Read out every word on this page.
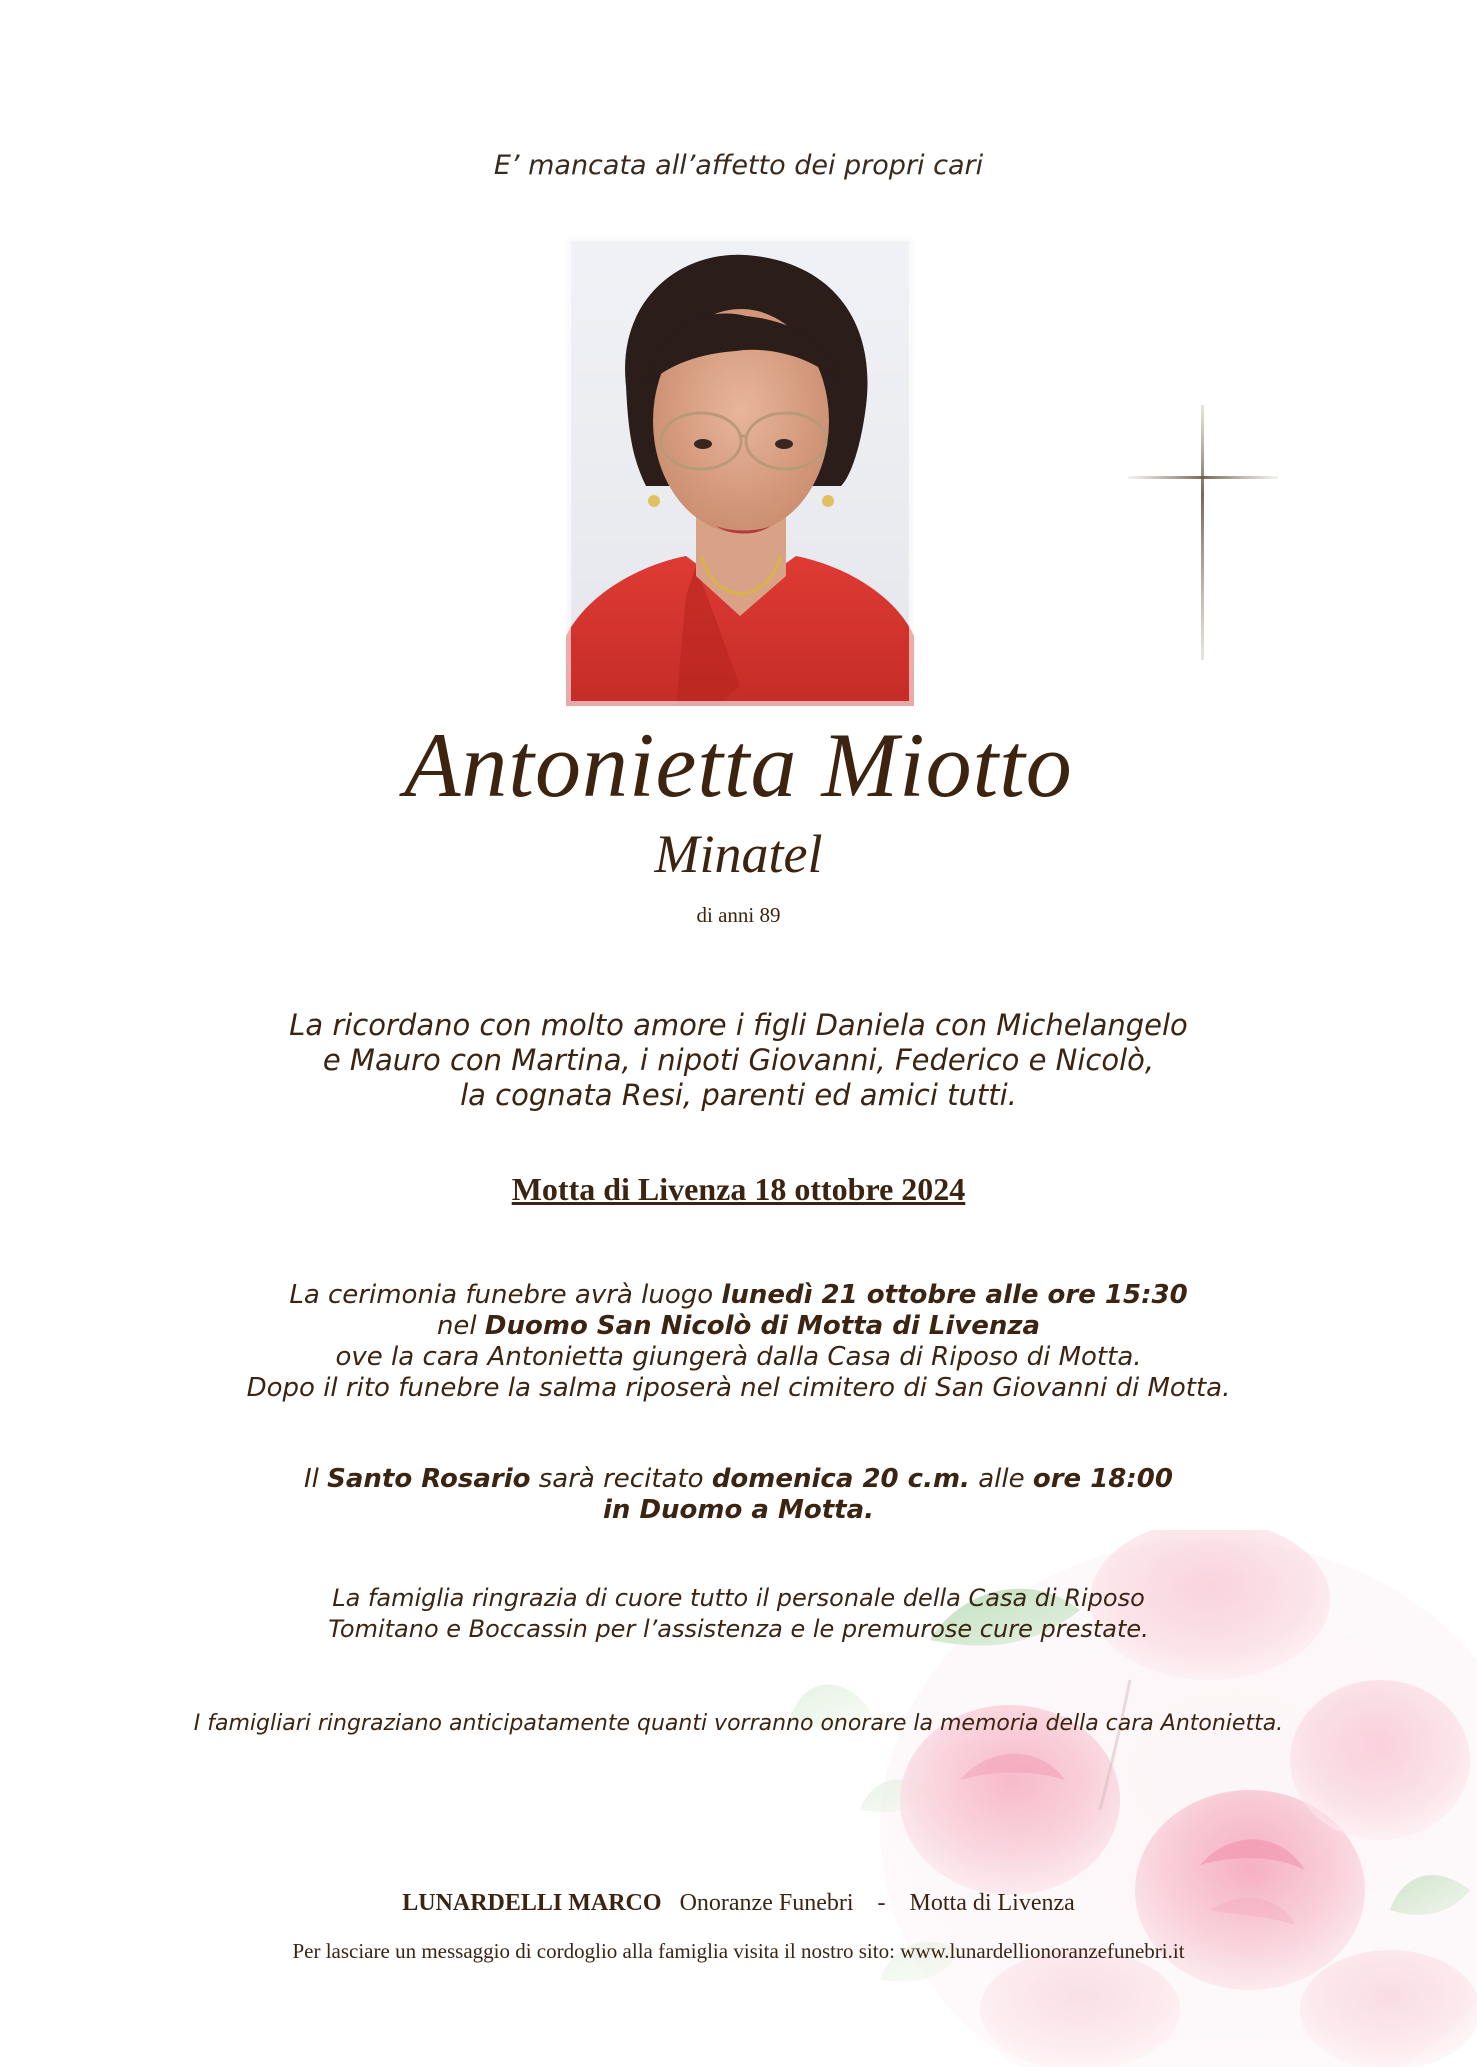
E’ mancata all’affetto dei propri cari
Antonietta Miotto
Minatel
di anni 89
La ricordano con molto amore i figli Daniela con Michelangelo
e Mauro con Martina, i nipoti Giovanni, Federico e Nicolò,
la cognata Resi, parenti ed amici tutti.
Motta di Livenza 18 ottobre 2024
La cerimonia funebre avrà luogo lunedì 21 ottobre alle ore 15:30
nel Duomo San Nicolò di Motta di Livenza
ove la cara Antonietta giungerà dalla Casa di Riposo di Motta.
Dopo il rito funebre la salma riposerà nel cimitero di San Giovanni di Motta.
Il Santo Rosario sarà recitato domenica 20 c.m. alle ore 18:00
in Duomo a Motta.
La famiglia ringrazia di cuore tutto il personale della Casa di Riposo
Tomitano e Boccassin per l’assistenza e le premurose cure prestate.
I famigliari ringraziano anticipatamente quanti vorranno onorare la memoria della cara Antonietta.
LUNARDELLI MARCO Onoranze Funebri - Motta di Livenza
Per lasciare un messaggio di cordoglio alla famiglia visita il nostro sito: www.lunardellionoranzefunebri.it
